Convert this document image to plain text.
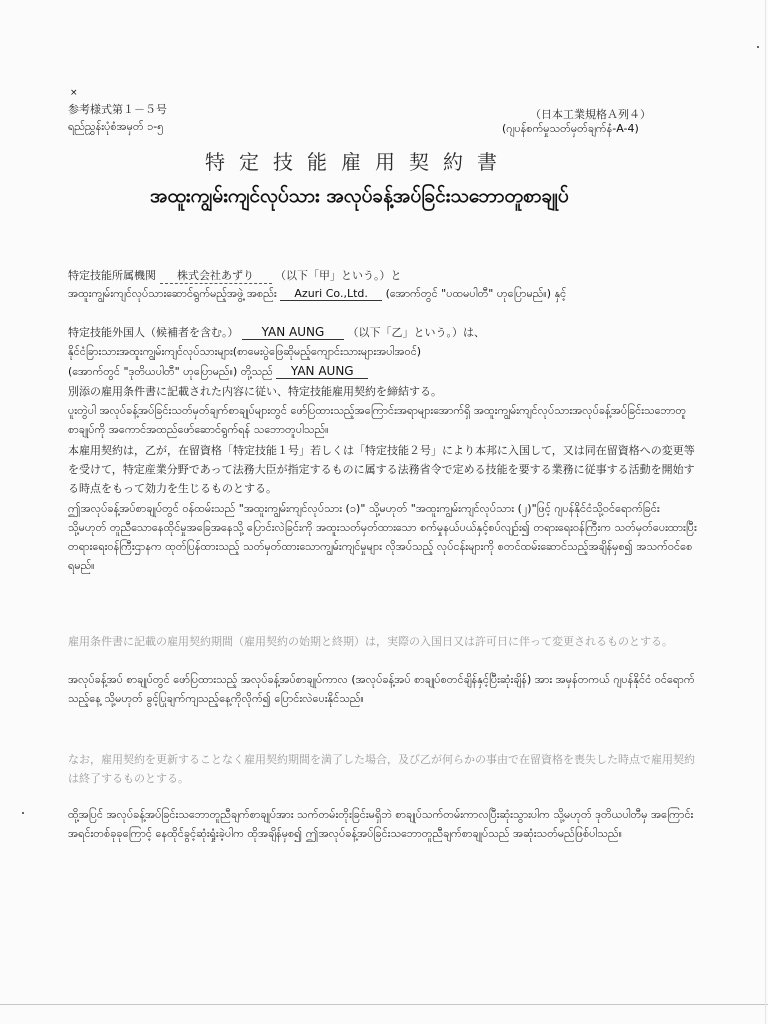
×
参考様式第１－５号
ရည်ညွှန်းပုံစံအမှတ် ၁-၅
（日本工業規格Ａ列４）
(ဂျပန်စက်မှုသတ်မှတ်ချက်နံ-A-4)
特定技能雇用契約書
အထူးကျွမ်းကျင်လုပ်သား အလုပ်ခန့်အပ်ခြင်းသဘောတူစာချုပ်
特定技能所属機関 株式会社あずり （以下「甲」という。）と
အထူးကျွမ်းကျင်လုပ်သားဆောင်ရွက်မည့်အဖွဲ့ အစည်း Azuri Co.,Ltd. (အောက်တွင် "ပထမပါတီ" ဟုပြောမည်။) နှင့်
特定技能外国人（候補者を含む。） YAN AUNG （以下「乙」という。）は、
နိုင်ငံခြားသားအထူးကျွမ်းကျင်လုပ်သားများ(စာမေးပွဲဖြေဆိုမည့်ကျောင်းသားများအပါအဝင်)
(အောက်တွင် "ဒုတိယပါတီ" ဟုပြောမည်။) တို့သည် YAN AUNG
別添の雇用条件書に記載された内容に従い、特定技能雇用契約を締結する。
ပူးတွဲပါ အလုပ်ခန့်အပ်ခြင်းသတ်မှတ်ချက်စာချုပ်များတွင် ဖော်ပြထားသည့်အကြောင်းအရာများအောက်ရှိ အထူးကျွမ်းကျင်လုပ်သားအလုပ်ခန့်အပ်ခြင်းသဘောတူစာချုပ်ကို အကောင်အထည်ဖော်ဆောင်ရွက်ရန် သဘောတူပါသည်။
本雇用契約は，乙が，在留資格「特定技能１号」若しくは「特定技能２号」により本邦に入国して，又は同在留資格への変更等を受けて，特定産業分野であって法務大臣が指定するものに属する法務省令で定める技能を要する業務に従事する活動を開始する時点をもって効力を生じるものとする。
ဤအလုပ်ခန့်အပ်စာချုပ်တွင် ဝန်ထမ်းသည် "အထူးကျွမ်းကျင်လုပ်သား (၁)" သို့မဟုတ် "အထူးကျွမ်းကျင်လုပ်သား (၂)"ဖြင့် ဂျပန်နိုင်ငံသို့ဝင်ရောက်ခြင်း သို့မဟုတ် တူညီသောနေထိုင်မှုအခြေအနေသို့ ပြောင်းလဲခြင်းကို အထူးသတ်မှတ်ထားသော စက်မှုနယ်ပယ်နှင့်စပ်လျဉ်း၍ တရားရေးဝန်ကြီးက သတ်မှတ်ပေးထားပြီး တရားရေးဝန်ကြီးဌာနက ထုတ်ပြန်ထားသည့် သတ်မှတ်ထားသောကျွမ်းကျင်မှုများ လိုအပ်သည့် လုပ်ငန်းများကို စတင်ထမ်းဆောင်သည့်အချိန်မှစ၍ အသက်ဝင်စေရမည်။
雇用条件書に記載の雇用契約期間（雇用契約の始期と終期）は，実際の入国日又は許可日に伴って変更されるものとする。
အလုပ်ခန့်အပ် စာချုပ်တွင် ဖော်ပြထားသည့် အလုပ်ခန့်အပ်စာချုပ်ကာလ (အလုပ်ခန့်အပ် စာချုပ်စတင်ချိန်နှင့်ပြီးဆုံးချိန်) အား အမှန်တကယ် ဂျပန်နိုင်ငံ ဝင်ရောက်သည့်နေ့ သို့မဟုတ် ခွင့်ပြုချက်ကျသည့်နေ့ကိုလိုက်၍ ပြောင်းလဲပေးနိုင်သည်။
なお，雇用契約を更新することなく雇用契約期間を満了した場合，及び乙が何らかの事由で在留資格を喪失した時点で雇用契約は終了するものとする。
ထို့အပြင် အလုပ်ခန့်အပ်ခြင်းသဘောတူညီချက်စာချုပ်အား သက်တမ်းတိုးခြင်းမရှိဘဲ စာချုပ်သက်တမ်းကာလပြီးဆုံးသွားပါက သို့မဟုတ် ဒုတိယပါတီမှ အကြောင်းအရင်းတစ်ခုခုကြောင့် နေထိုင်ခွင့်ဆုံးရှုံးခဲ့ပါက ထိုအချိန်မှစ၍ ဤအလုပ်ခန့်အပ်ခြင်းသဘောတူညီချက်စာချုပ်သည် အဆုံးသတ်မည်ဖြစ်ပါသည်။
